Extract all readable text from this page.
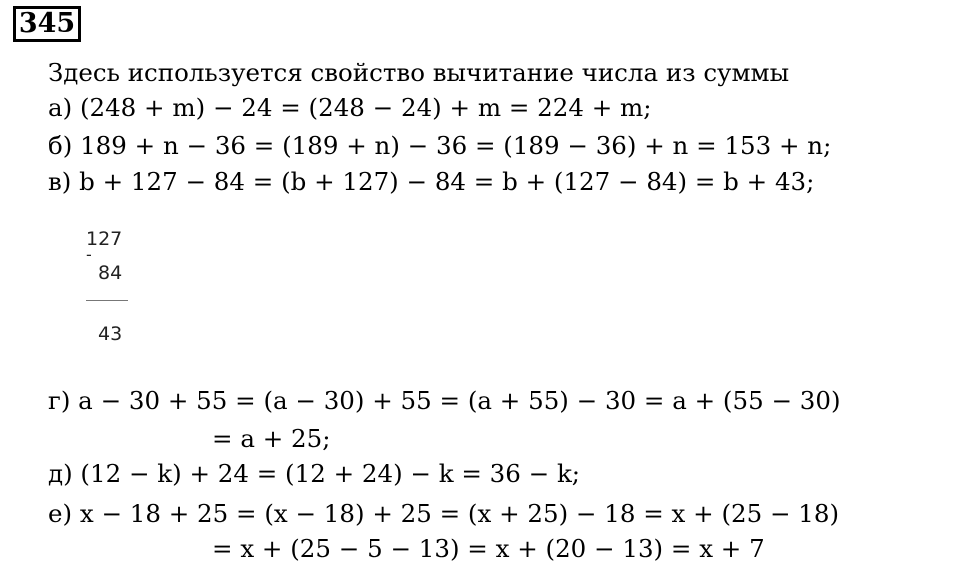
345
Здесь используется свойство вычитание числа из суммы
а) (248 + m) − 24 = (248 − 24) + m = 224 + m;
б) 189 + n − 36 = (189 + n) − 36 = (189 − 36) + n = 153 + n;
в) b + 127 − 84 = (b + 127) − 84 = b + (127 − 84) = b + 43;
127
-
84
43
г) а − 30 + 55 = (a − 30) + 55 = (a + 55) − 30 = a + (55 − 30)
= a + 25;
д) (12 − k) + 24 = (12 + 24) − k = 36 − k;
е) х − 18 + 25 = (x − 18) + 25 = (x + 25) − 18 = x + (25 − 18)
= x + (25 − 5 − 13) = x + (20 − 13) = x + 7
